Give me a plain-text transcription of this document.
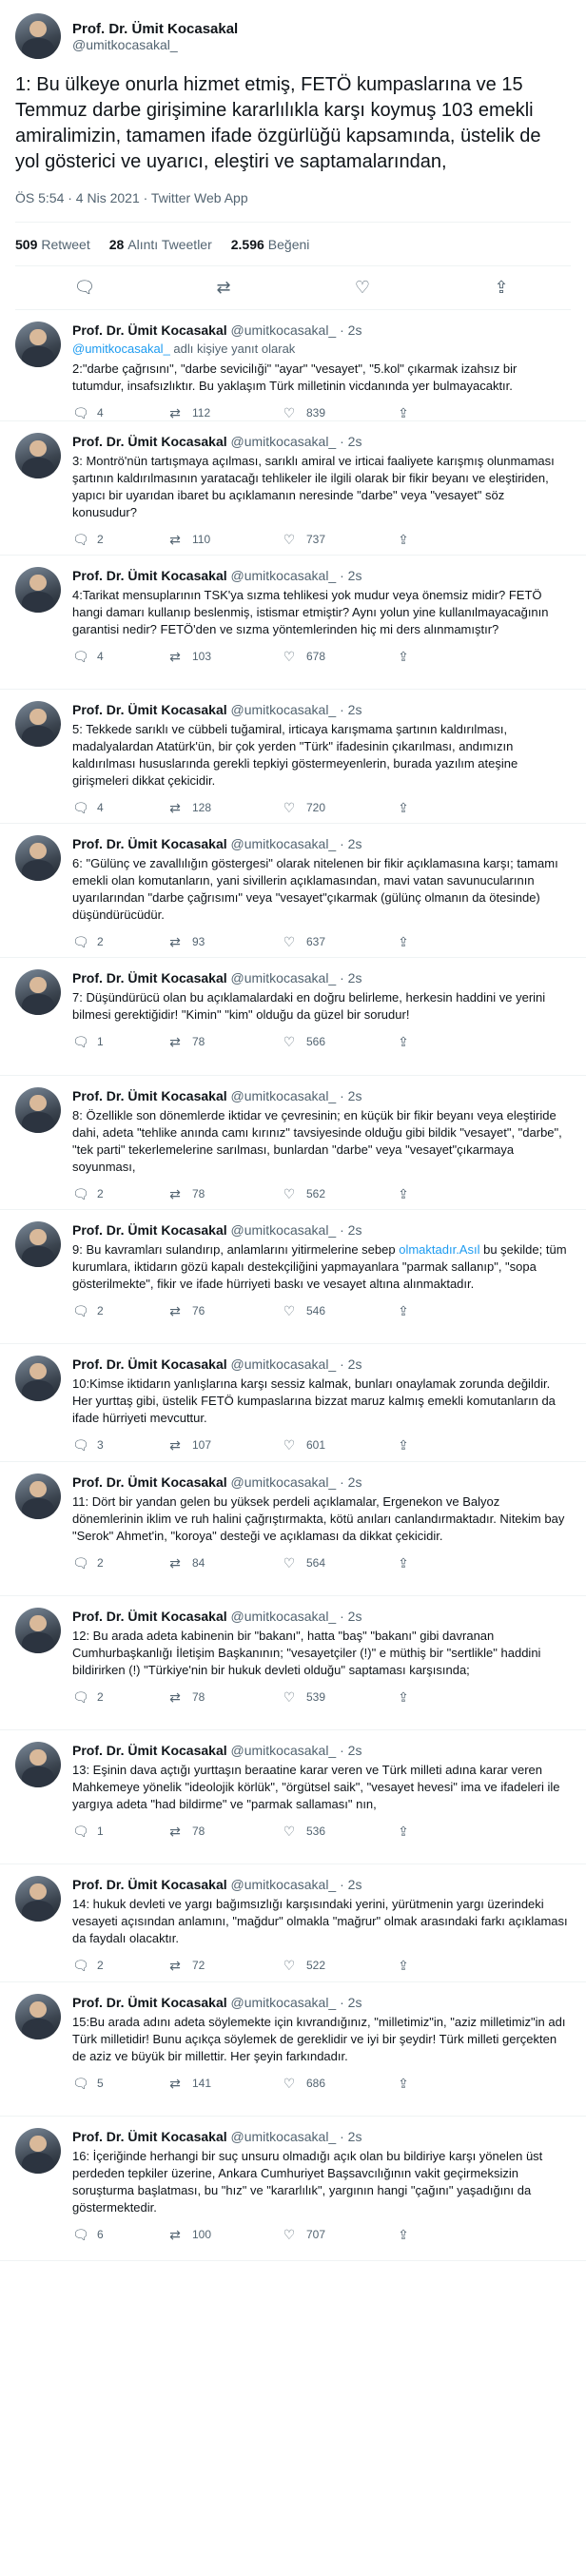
Prof. Dr. Ümit Kocasakal
@umitkocasakal_
1: Bu ülkeye onurla hizmet etmiş, FETÖ kumpaslarına ve 15 Temmuz darbe girişimine kararlılıkla karşı koymuş 103 emekli amiralimizin, tamamen ifade özgürlüğü kapsamında, üstelik de yol gösterici ve uyarıcı, eleştiri ve saptamalarından,
ÖS 5:54 · 4 Nis 2021 · Twitter Web App
509 Retweet 28 Alıntı Tweetler 2.596 Beğeni
🗨︎	⇄	♡	⇪
Prof. Dr. Ümit Kocasakal @umitkocasakal_ · 2s
@umitkocasakal_ adlı kişiye yanıt olarak
2:"darbe çağrısını", "darbe sevicilıği" "ayar" "vesayet", "5.kol" çıkarmak izahsız bir tutumdur, insafsızlıktır. Bu yaklaşım Türk milletinin vicdanında yer bulmayacaktır.
🗨︎ 4	⇄ 112	♡ 839	⇪
Prof. Dr. Ümit Kocasakal @umitkocasakal_ · 2s
3: Montrö'nün tartışmaya açılması, sarıklı amiral ve irticai faaliyete karışmış olunmaması şartının kaldırılmasının yaratacağı tehlikeler ile ilgili olarak bir fikir beyanı ve eleştiriden, yapıcı bir uyarıdan ibaret bu açıklamanın neresinde "darbe" veya "vesayet" söz konusudur?
🗨︎ 2	⇄ 110	♡ 737	⇪
Prof. Dr. Ümit Kocasakal @umitkocasakal_ · 2s
4:Tarikat mensuplarının TSK'ya sızma tehlikesi yok mudur veya önemsiz midir? FETÖ hangi damarı kullanıp beslenmiş, istismar etmiştir? Aynı yolun yine kullanılmayacağının garantisi nedir? FETÖ'den ve sızma yöntemlerinden hiç mi ders alınmamıştır?
🗨︎ 4	⇄ 103	♡ 678	⇪
Prof. Dr. Ümit Kocasakal @umitkocasakal_ · 2s
5: Tekkede sarıklı ve cübbeli tuğamiral, irticaya karışmama şartının kaldırılması, madalyalardan Atatürk'ün, bir çok yerden "Türk" ifadesinin çıkarılması, andımızın kaldırılması hususlarında gerekli tepkiyi göstermeyenlerin, burada yazılım ateşine girişmeleri dikkat çekicidir.
🗨︎ 4	⇄ 128	♡ 720	⇪
Prof. Dr. Ümit Kocasakal @umitkocasakal_ · 2s
6: "Gülünç ve zavallılığın göstergesi" olarak nitelenen bir fikir açıklamasına karşı; tamamı emekli olan komutanların, yani sivillerin açıklamasından, mavi vatan savunucularının uyarılarından "darbe çağrısımı" veya "vesayet"çıkarmak (gülünç olmanın da ötesinde) düşündürücüdür.
🗨︎ 2	⇄ 93	♡ 637	⇪
Prof. Dr. Ümit Kocasakal @umitkocasakal_ · 2s
7: Düşündürücü olan bu açıklamalardaki en doğru belirleme, herkesin haddini ve yerini bilmesi gerektiğidir! "Kimin" "kim" olduğu da güzel bir sorudur!
🗨︎ 1	⇄ 78	♡ 566	⇪
Prof. Dr. Ümit Kocasakal @umitkocasakal_ · 2s
8: Özellikle son dönemlerde iktidar ve çevresinin; en küçük bir fikir beyanı veya eleştiride dahi, adeta "tehlike anında camı kırınız" tavsiyesinde olduğu gibi bildik "vesayet", "darbe", "tek parti" tekerlemelerine sarılması, bunlardan "darbe" veya "vesayet"çıkarmaya soyunması,
🗨︎ 2	⇄ 78	♡ 562	⇪
Prof. Dr. Ümit Kocasakal @umitkocasakal_ · 2s
9: Bu kavramları sulandırıp, anlamlarını yitirmelerine sebep olmaktadır.Asıl bu şekilde; tüm kurumlara, iktidarın gözü kapalı destekçiliğini yapmayanlara "parmak sallanıp", "sopa gösterilmekte", fikir ve ifade hürriyeti baskı ve vesayet altına alınmaktadır.
🗨︎ 2	⇄ 76	♡ 546	⇪
Prof. Dr. Ümit Kocasakal @umitkocasakal_ · 2s
10:Kimse iktidarın yanlışlarına karşı sessiz kalmak, bunları onaylamak zorunda değildir. Her yurttaş gibi, üstelik FETÖ kumpaslarına bizzat maruz kalmış emekli komutanların da ifade hürriyeti mevcuttur.
🗨︎ 3	⇄ 107	♡ 601	⇪
Prof. Dr. Ümit Kocasakal @umitkocasakal_ · 2s
11: Dört bir yandan gelen bu yüksek perdeli açıklamalar, Ergenekon ve Balyoz dönemlerinin iklim ve ruh halini çağrıştırmakta, kötü anıları canlandırmaktadır. Nitekim bay "Serok" Ahmet'in, "koroya" desteği ve açıklaması da dikkat çekicidir.
🗨︎ 2	⇄ 84	♡ 564	⇪
Prof. Dr. Ümit Kocasakal @umitkocasakal_ · 2s
12: Bu arada adeta kabinenin bir "bakanı", hatta "baş" "bakanı" gibi davranan Cumhurbaşkanlığı İletişim Başkanının; "vesayetçiler (!)" e müthiş bir "sertlikle" haddini bildirirken (!) "Türkiye'nin bir hukuk devleti olduğu" saptaması karşısında;
🗨︎ 2	⇄ 78	♡ 539	⇪
Prof. Dr. Ümit Kocasakal @umitkocasakal_ · 2s
13: Eşinin dava açtığı yurttaşın beraatine karar veren ve Türk milleti adına karar veren Mahkemeye yönelik "ideolojik körlük", "örgütsel saik", "vesayet hevesi" ima ve ifadeleri ile yargıya adeta "had bildirme" ve "parmak sallaması" nın,
🗨︎ 1	⇄ 78	♡ 536	⇪
Prof. Dr. Ümit Kocasakal @umitkocasakal_ · 2s
14: hukuk devleti ve yargı bağımsızlığı karşısındaki yerini, yürütmenin yargı üzerindeki vesayeti açısından anlamını, "mağdur" olmakla "mağrur" olmak arasındaki farkı açıklaması da faydalı olacaktır.
🗨︎ 2	⇄ 72	♡ 522	⇪
Prof. Dr. Ümit Kocasakal @umitkocasakal_ · 2s
15:Bu arada adını adeta söylemekte için kıvrandığınız, "milletimiz"in, "aziz milletimiz"in adı Türk milletidir! Bunu açıkça söylemek de gereklidir ve iyi bir şeydir! Türk milleti gerçekten de aziz ve büyük bir millettir. Her şeyin farkındadır.
🗨︎ 5	⇄ 141	♡ 686	⇪
Prof. Dr. Ümit Kocasakal @umitkocasakal_ · 2s
16: İçeriğinde herhangi bir suç unsuru olmadığı açık olan bu bildiriye karşı yönelen üst perdeden tepkiler üzerine, Ankara Cumhuriyet Başsavcılığının vakit geçirmeksizin soruşturma başlatması, bu "hız" ve "kararlılık", yargının hangi "çağını" yaşadığını da göstermektedir.
🗨︎ 6	⇄ 100	♡ 707	⇪
